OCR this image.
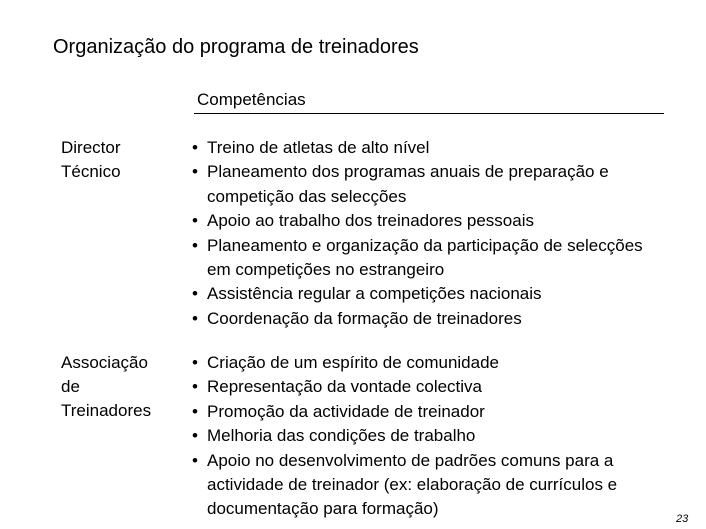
Organização do programa de treinadores
Competências
Director
Técnico
• Treino de atletas de alto nível
• Planeamento dos programas anuais de preparação e competição das selecções
• Apoio ao trabalho dos treinadores pessoais
• Planeamento e organização da participação de selecções em competições no estrangeiro
• Assistência regular a competições nacionais
• Coordenação da formação de treinadores
Associação
de
Treinadores
• Criação de um espírito de comunidade
• Representação da vontade colectiva
• Promoção da actividade de treinador
• Melhoria das condições de trabalho
• Apoio no desenvolvimento de padrões comuns para a actividade de treinador (ex: elaboração de currículos e documentação para formação)
23
